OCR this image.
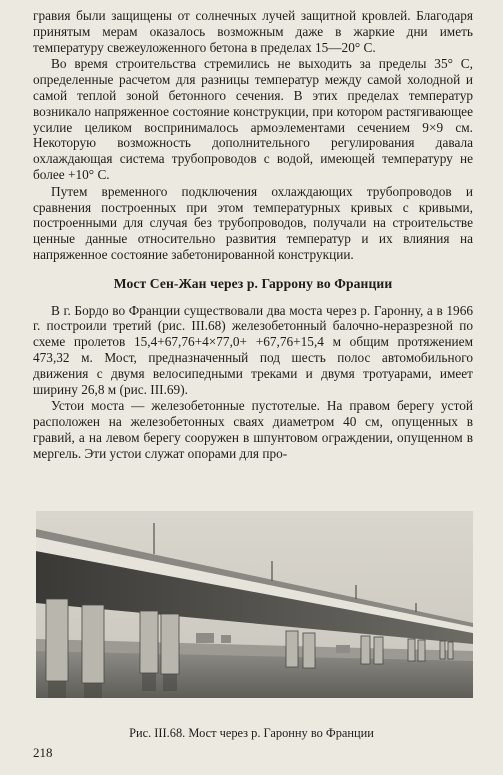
гравия были защищены от солнечных лучей защитной кровлей. Благодаря принятым мерам оказалось возможным даже в жаркие дни иметь температуру свежеуложенного бетона в пределах 15—20° С.

Во время строительства стремились не выходить за пределы 35° С, определенные расчетом для разницы температур между самой холодной и самой теплой зоной бетонного сечения. В этих пределах температур возникало напряженное состояние конструкции, при котором растягивающее усилие целиком воспринималось армоэлементами сечением 9×9 см. Некоторую возможность дополнительного регулирования давала охлаждающая система трубопроводов с водой, имеющей температуру не более +10° С.

Путем временного подключения охлаждающих трубопроводов и сравнения построенных при этом температурных кривых с кривыми, построенными для случая без трубопроводов, получали на строительстве ценные данные относительно развития температур и их влияния на напряженное состояние забетонированной конструкции.

Мост Сен-Жан через р. Гаррону во Франции

В г. Бордо во Франции существовали два моста через р. Гаронну, а в 1966 г. построили третий (рис. III.68) железобетонный балочно-неразрезной по схеме пролетов 15,4+67,76+4×77,0+ +67,76+15,4 м общим протяжением 473,32 м. Мост, предназначенный под шесть полос автомобильного движения с двумя велосипедными треками и двумя тротуарами, имеет ширину 26,8 м (рис. III.69).

Устои моста — железобетонные пустотелые. На правом берегу устой расположен на железобетонных сваях диаметром 40 см, опущенных в гравий, а на левом берегу сооружен в шпунтовом ограждении, опущенном в мергель. Эти устои служат опорами для про-

Рис. III.68. Мост через р. Гаронну во Франции
218
